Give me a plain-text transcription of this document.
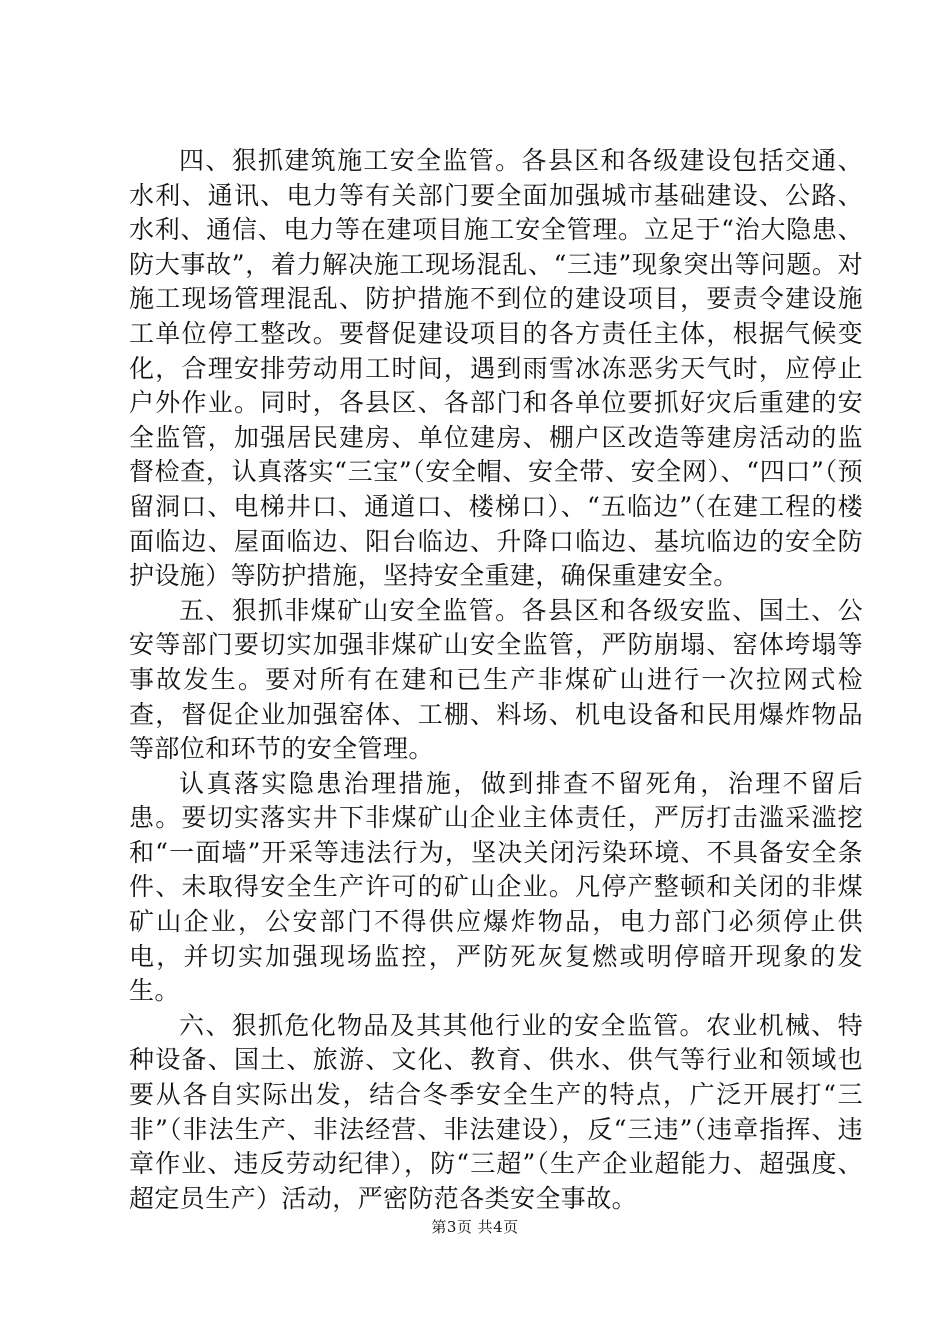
四、狠抓建筑施工安全监管。各县区和各级建设包括交通、水利、通讯、电力等有关部门要全面加强城市基础建设、公路、水利、通信、电力等在建项目施工安全管理。立足于“治大隐患、防大事故”，着力解决施工现场混乱、“三违”现象突出等问题。对施工现场管理混乱、防护措施不到位的建设项目，要责令建设施工单位停工整改。要督促建设项目的各方责任主体，根据气候变化，合理安排劳动用工时间，遇到雨雪冰冻恶劣天气时，应停止户外作业。同时，各县区、各部门和各单位要抓好灾后重建的安全监管，加强居民建房、单位建房、棚户区改造等建房活动的监督检查，认真落实“三宝”（安全帽、安全带、安全网）、“四口”（预留洞口、电梯井口、通道口、楼梯口）、“五临边”（在建工程的楼面临边、屋面临边、阳台临边、升降口临边、基坑临边的安全防护设施）等防护措施，坚持安全重建，确保重建安全。

五、狠抓非煤矿山安全监管。各县区和各级安监、国土、公安等部门要切实加强非煤矿山安全监管，严防崩塌、窑体垮塌等事故发生。要对所有在建和已生产非煤矿山进行一次拉网式检查，督促企业加强窑体、工棚、料场、机电设备和民用爆炸物品等部位和环节的安全管理。

认真落实隐患治理措施，做到排查不留死角，治理不留后患。要切实落实井下非煤矿山企业主体责任，严厉打击滥采滥挖和“一面墙”开采等违法行为，坚决关闭污染环境、不具备安全条件、未取得安全生产许可的矿山企业。凡停产整顿和关闭的非煤矿山企业，公安部门不得供应爆炸物品，电力部门必须停止供电，并切实加强现场监控，严防死灰复燃或明停暗开现象的发生。

六、狠抓危化物品及其其他行业的安全监管。农业机械、特种设备、国土、旅游、文化、教育、供水、供气等行业和领域也要从各自实际出发，结合冬季安全生产的特点，广泛开展打“三非”（非法生产、非法经营、非法建设），反“三违”（违章指挥、违章作业、违反劳动纪律），防“三超”（生产企业超能力、超强度、超定员生产）活动，严密防范各类安全事故。

第3页 共4页
